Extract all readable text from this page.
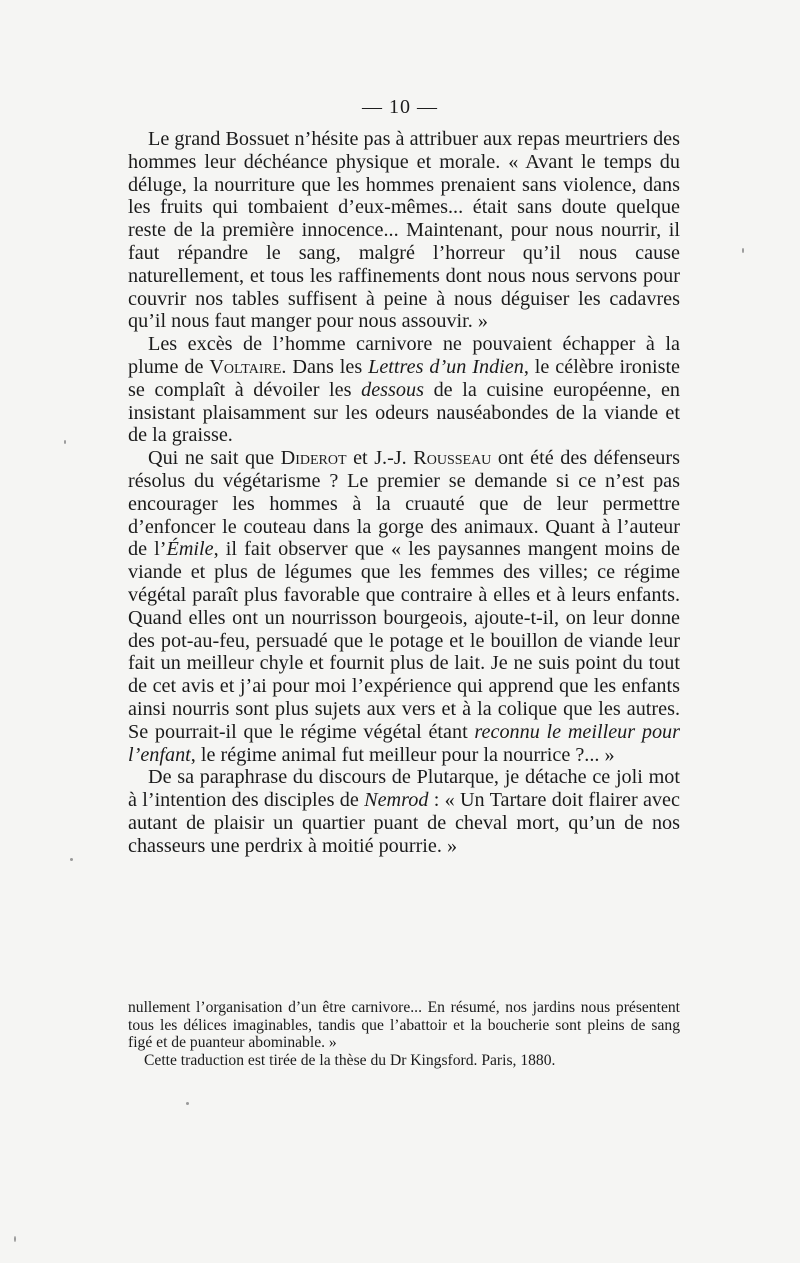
— 10 —

Le grand Bossuet n’hésite pas à attribuer aux repas meurtriers des hommes leur déchéance physique et morale. « Avant le temps du déluge, la nourriture que les hommes prenaient sans violence, dans les fruits qui tombaient d’eux-mêmes... était sans doute quelque reste de la première innocence... Maintenant, pour nous nourrir, il faut répandre le sang, malgré l’horreur qu’il nous cause naturellement, et tous les raffinements dont nous nous servons pour couvrir nos tables suffisent à peine à nous déguiser les cadavres qu’il nous faut manger pour nous assouvir. »

Les excès de l’homme carnivore ne pouvaient échapper à la plume de Voltaire. Dans les Lettres d’un Indien, le célèbre ironiste se complaît à dévoiler les dessous de la cuisine européenne, en insistant plaisamment sur les odeurs nauséabondes de la viande et de la graisse.

Qui ne sait que Diderot et J.-J. Rousseau ont été des défenseurs résolus du végétarisme ? Le premier se demande si ce n’est pas encourager les hommes à la cruauté que de leur permettre d’enfoncer le couteau dans la gorge des animaux. Quant à l’auteur de l’Émile, il fait observer que « les paysannes mangent moins de viande et plus de légumes que les femmes des villes; ce régime végétal paraît plus favorable que contraire à elles et à leurs enfants. Quand elles ont un nourrisson bourgeois, ajoute-t-il, on leur donne des pot-au-feu, persuadé que le potage et le bouillon de viande leur fait un meilleur chyle et fournit plus de lait. Je ne suis point du tout de cet avis et j’ai pour moi l’expérience qui apprend que les enfants ainsi nourris sont plus sujets aux vers et à la colique que les autres. Se pourrait-il que le régime végétal étant reconnu le meilleur pour l’enfant, le régime animal fut meilleur pour la nourrice ?... »

De sa paraphrase du discours de Plutarque, je détache ce joli mot à l’intention des disciples de Nemrod : « Un Tartare doit flairer avec autant de plaisir un quartier puant de cheval mort, qu’un de nos chasseurs une perdrix à moitié pourrie. »

nullement l’organisation d’un être carnivore... En résumé, nos jardins nous présentent tous les délices imaginables, tandis que l’abattoir et la boucherie sont pleins de sang figé et de puanteur abominable. »

Cette traduction est tirée de la thèse du Dr Kingsford. Paris, 1880.
